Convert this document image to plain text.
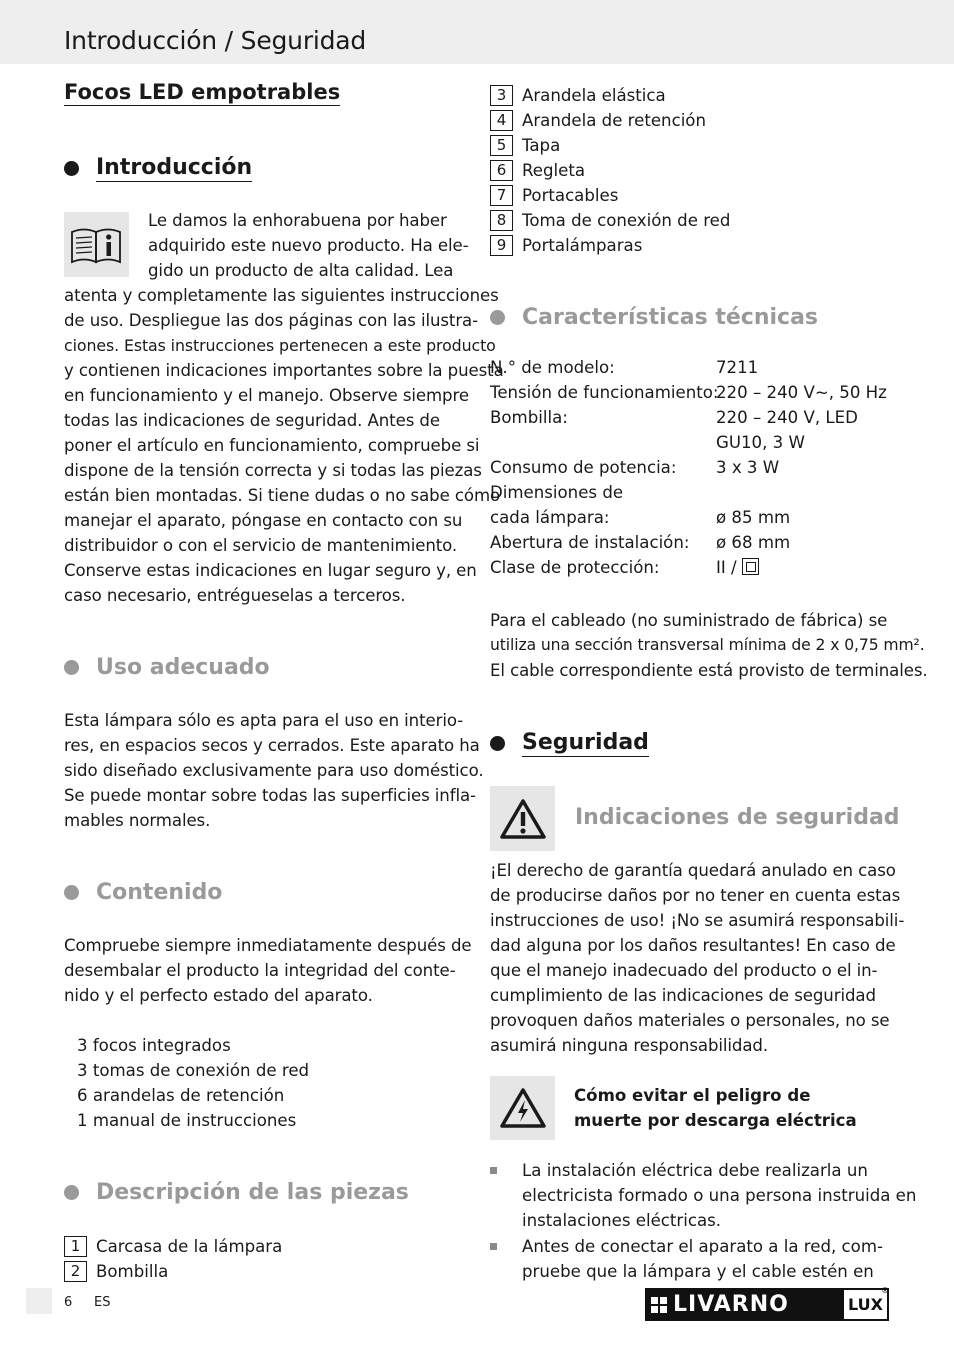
Introducción / Seguridad
Focos LED empotrables
Introducción
Le damos la enhorabuena por haber
adquirido este nuevo producto. Ha ele-
gido un producto de alta calidad. Lea
atenta y completamente las siguientes instrucciones
de uso. Despliegue las dos páginas con las ilustra-
ciones. Estas instrucciones pertenecen a este producto
y contienen indicaciones importantes sobre la puesta
en funcionamiento y el manejo. Observe siempre
todas las indicaciones de seguridad. Antes de
poner el artículo en funcionamiento, compruebe si
dispone de la tensión correcta y si todas las piezas
están bien montadas. Si tiene dudas o no sabe cómo
manejar el aparato, póngase en contacto con su
distribuidor o con el servicio de mantenimiento.
Conserve estas indicaciones en lugar seguro y, en
caso necesario, entrégueselas a terceros.
Uso adecuado
Esta lámpara sólo es apta para el uso en interio-
res, en espacios secos y cerrados. Este aparato ha
sido diseñado exclusivamente para uso doméstico.
Se puede montar sobre todas las superficies infla-
mables normales.
Contenido
Compruebe siempre inmediatamente después de
desembalar el producto la integridad del conte-
nido y el perfecto estado del aparato.
3 focos integrados
3 tomas de conexión de red
6 arandelas de retención
1 manual de instrucciones
Descripción de las piezas
1 Carcasa de la lámpara
2 Bombilla
3 Arandela elástica
4 Arandela de retención
5 Tapa
6 Regleta
7 Portacables
8 Toma de conexión de red
9 Portalámparas
Características técnicas
N.° de modelo:	7211
Tensión de funcionamiento:
220 – 240 V~, 50 Hz
Bombilla:	220 – 240 V, LED
GU10, 3 W
Consumo de potencia: 3 x 3 W
Dimensiones de
cada lámpara:	ø 85 mm
Abertura de instalación: ø 68 mm
Clase de protección:	II /
Para el cableado (no suministrado de fábrica) se
utiliza una sección transversal mínima de 2 x 0,75 mm².
El cable correspondiente está provisto de terminales.
Seguridad
Indicaciones de seguridad
¡El derecho de garantía quedará anulado en caso
de producirse daños por no tener en cuenta estas
instrucciones de uso! ¡No se asumirá responsabili-
dad alguna por los daños resultantes! En caso de
que el manejo inadecuado del producto o el in-
cumplimiento de las indicaciones de seguridad
provoquen daños materiales o personales, no se
asumirá ninguna responsabilidad.
Cómo evitar el peligro de
muerte por descarga eléctrica
La instalación eléctrica debe realizarla un
electricista formado o una persona instruida en
instalaciones eléctricas.
Antes de conectar el aparato a la red, com-
pruebe que la lámpara y el cable estén en
6 ES	LIVARNO	LUX
®
